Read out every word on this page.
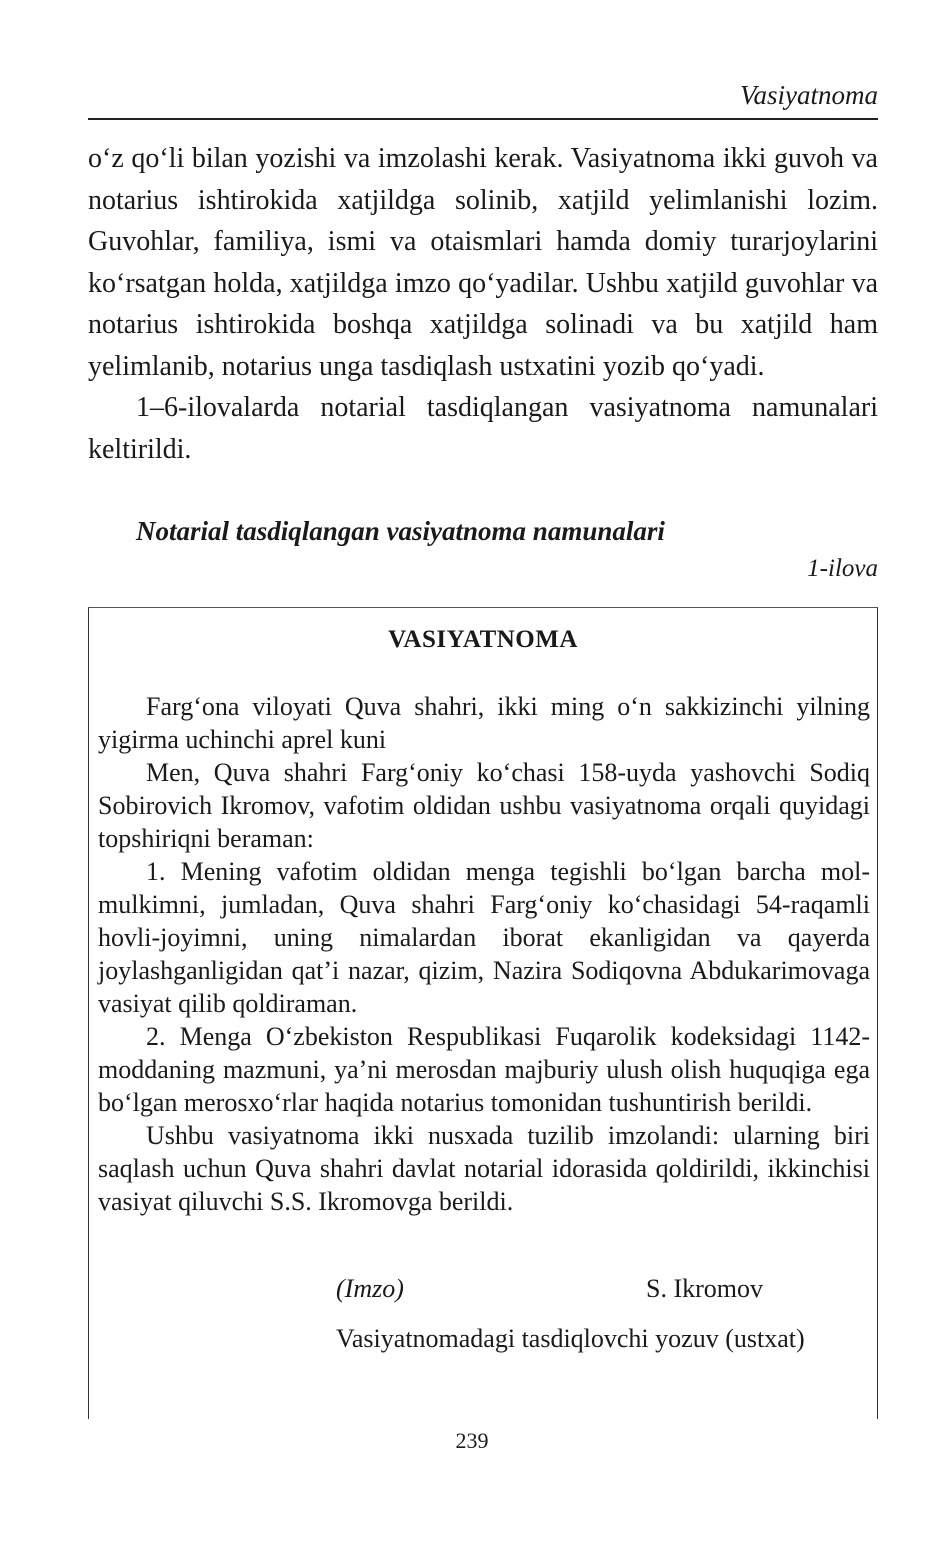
Vasiyatnoma

o‘z qo‘li bilan yozishi va imzolashi kerak. Vasiyatnoma ikki guvoh va notarius ishtirokida xatjildga solinib, xatjild yelimlanishi lozim. Guvohlar, familiya, ismi va otaismlari hamda domiy turarjoylarini ko‘rsatgan holda, xatjildga imzo qo‘yadilar. Ushbu xatjild guvohlar va notarius ishtirokida boshqa xatjildga solinadi va bu xatjild ham yelimlanib, notarius unga tasdiqlash ustxatini yozib qo‘yadi.

1–6-ilovalarda notarial tasdiqlangan vasiyatnoma namunalari keltirildi.

Notarial tasdiqlangan vasiyatnoma namunalari
1-ilova
VASIYATNOMA

Farg‘ona viloyati Quva shahri, ikki ming o‘n sakkizinchi yilning yigirma uchinchi aprel kuni

Men, Quva shahri Farg‘oniy ko‘chasi 158-uyda yashovchi Sodiq Sobirovich Ikromov, vafotim oldidan ushbu vasiyatnoma orqali quyidagi topshiriqni beraman:

1. Mening vafotim oldidan menga tegishli bo‘lgan barcha mol-mulkimni, jumladan, Quva shahri Farg‘oniy ko‘chasidagi 54-raqamli hovli-joyimni, uning nimalardan iborat ekanligidan va qayerda joylashganligidan qat’i nazar, qizim, Nazira Sodiqovna Abdukarimovaga vasiyat qilib qoldiraman.

2. Menga O‘zbekiston Respublikasi Fuqarolik kodeksidagi 1142-moddaning mazmuni, ya’ni merosdan majburiy ulush olish huquqiga ega bo‘lgan merosxo‘rlar haqida notarius tomonidan tushuntirish berildi.

Ushbu vasiyatnoma ikki nusxada tuzilib imzolandi: ularning biri saqlash uchun Quva shahri davlat notarial idorasida qoldirildi, ikkinchisi vasiyat qiluvchi S.S. Ikromovga berildi.

(Imzo)	S. Ikromov
Vasiyatnomadagi tasdiqlovchi yozuv (ustxat)
239
